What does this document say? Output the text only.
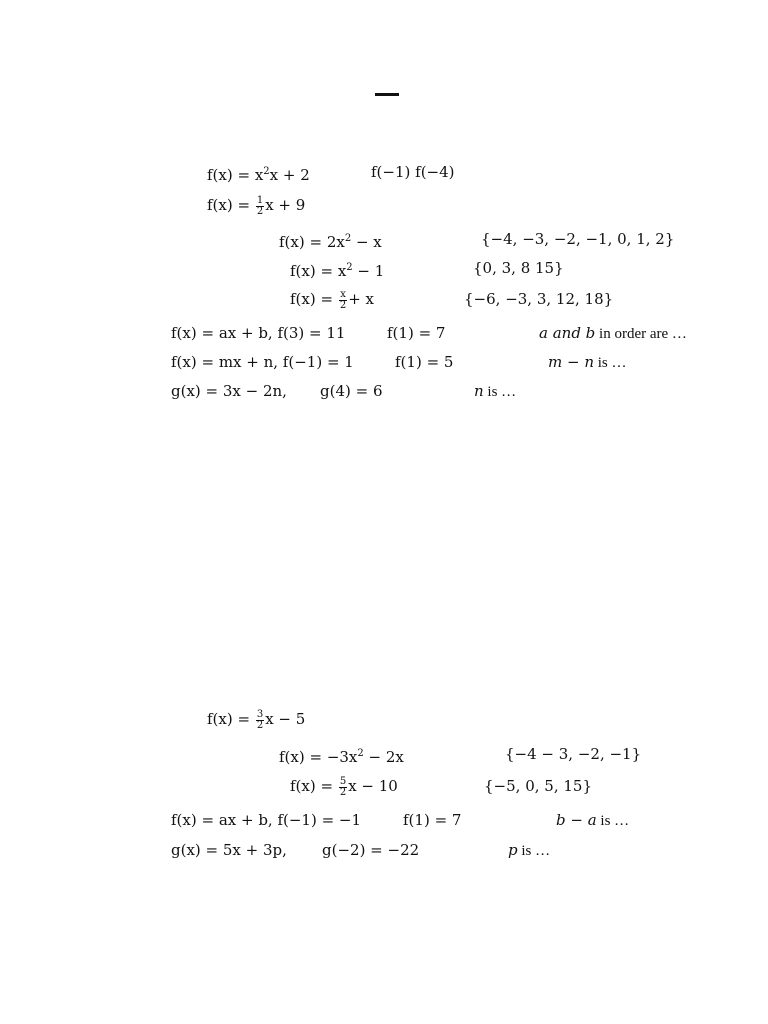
$f(x) = x^2x + 2$	f(−1) f(−4)
$f(x) = \frac{1}{2}$ x + 9
$f(x) = 2x^2 - x$	{−4, −3, −2, −1, 0, 1, 2}
$f(x) = x^2 - 1$	{0, 3, 8 15}
$f(x) = \frac{x}{2} + x$	{−6, −3, 3, 12, 18}
f(x) = ax + b, f(3) = 11	f(1) = 7	a and b in order are …
f(x) = mx + n, f(−1) = 1	f(1) = 5	m − n is …
g(x) = 3x − 2n, g(4) = 6	n is …
$f(x) = \frac{3}{2}$ x − 5
$f(x) = -3x^2 - 2x$	{−4 − 3, −2, −1}
$f(x) = \frac{5}{2}$ x − 10	{−5, 0, 5, 15}
f(x) = ax + b, f(−1) = −1	f(1) = 7	b − a is …
g(x) = 5x + 3p, g(−2) = −22	p is …
